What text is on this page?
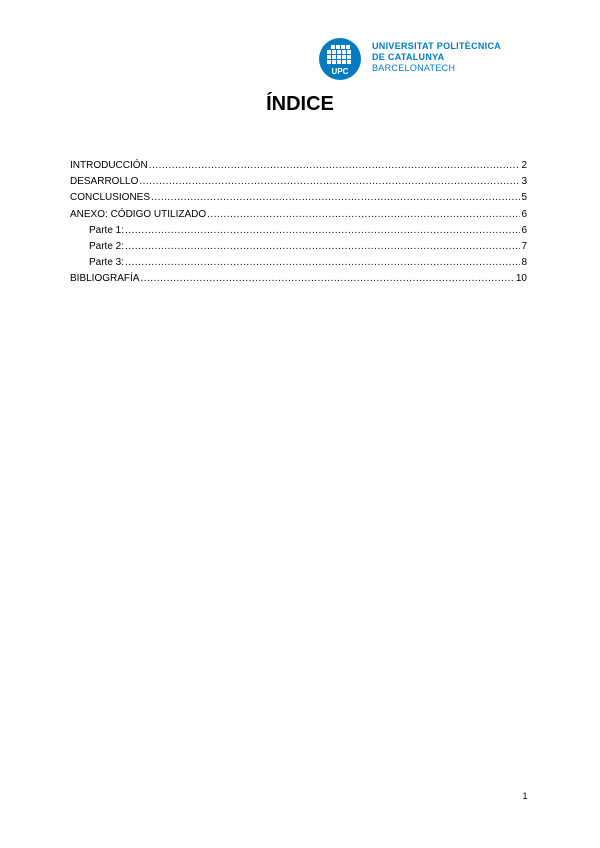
UPC
UNIVERSITAT POLITÈCNICA
DE CATALUNYA
BARCELONATECH
ÍNDICE
INTRODUCCIÓN .....	2
DESARROLLO .....	3
CONCLUSIONES .....	5
ANEXO: CÓDIGO UTILIZADO .....	6
Parte 1: .....	6
Parte 2: .....	7
Parte 3: .....	8
BIBLIOGRAFÍA .....	10
1
